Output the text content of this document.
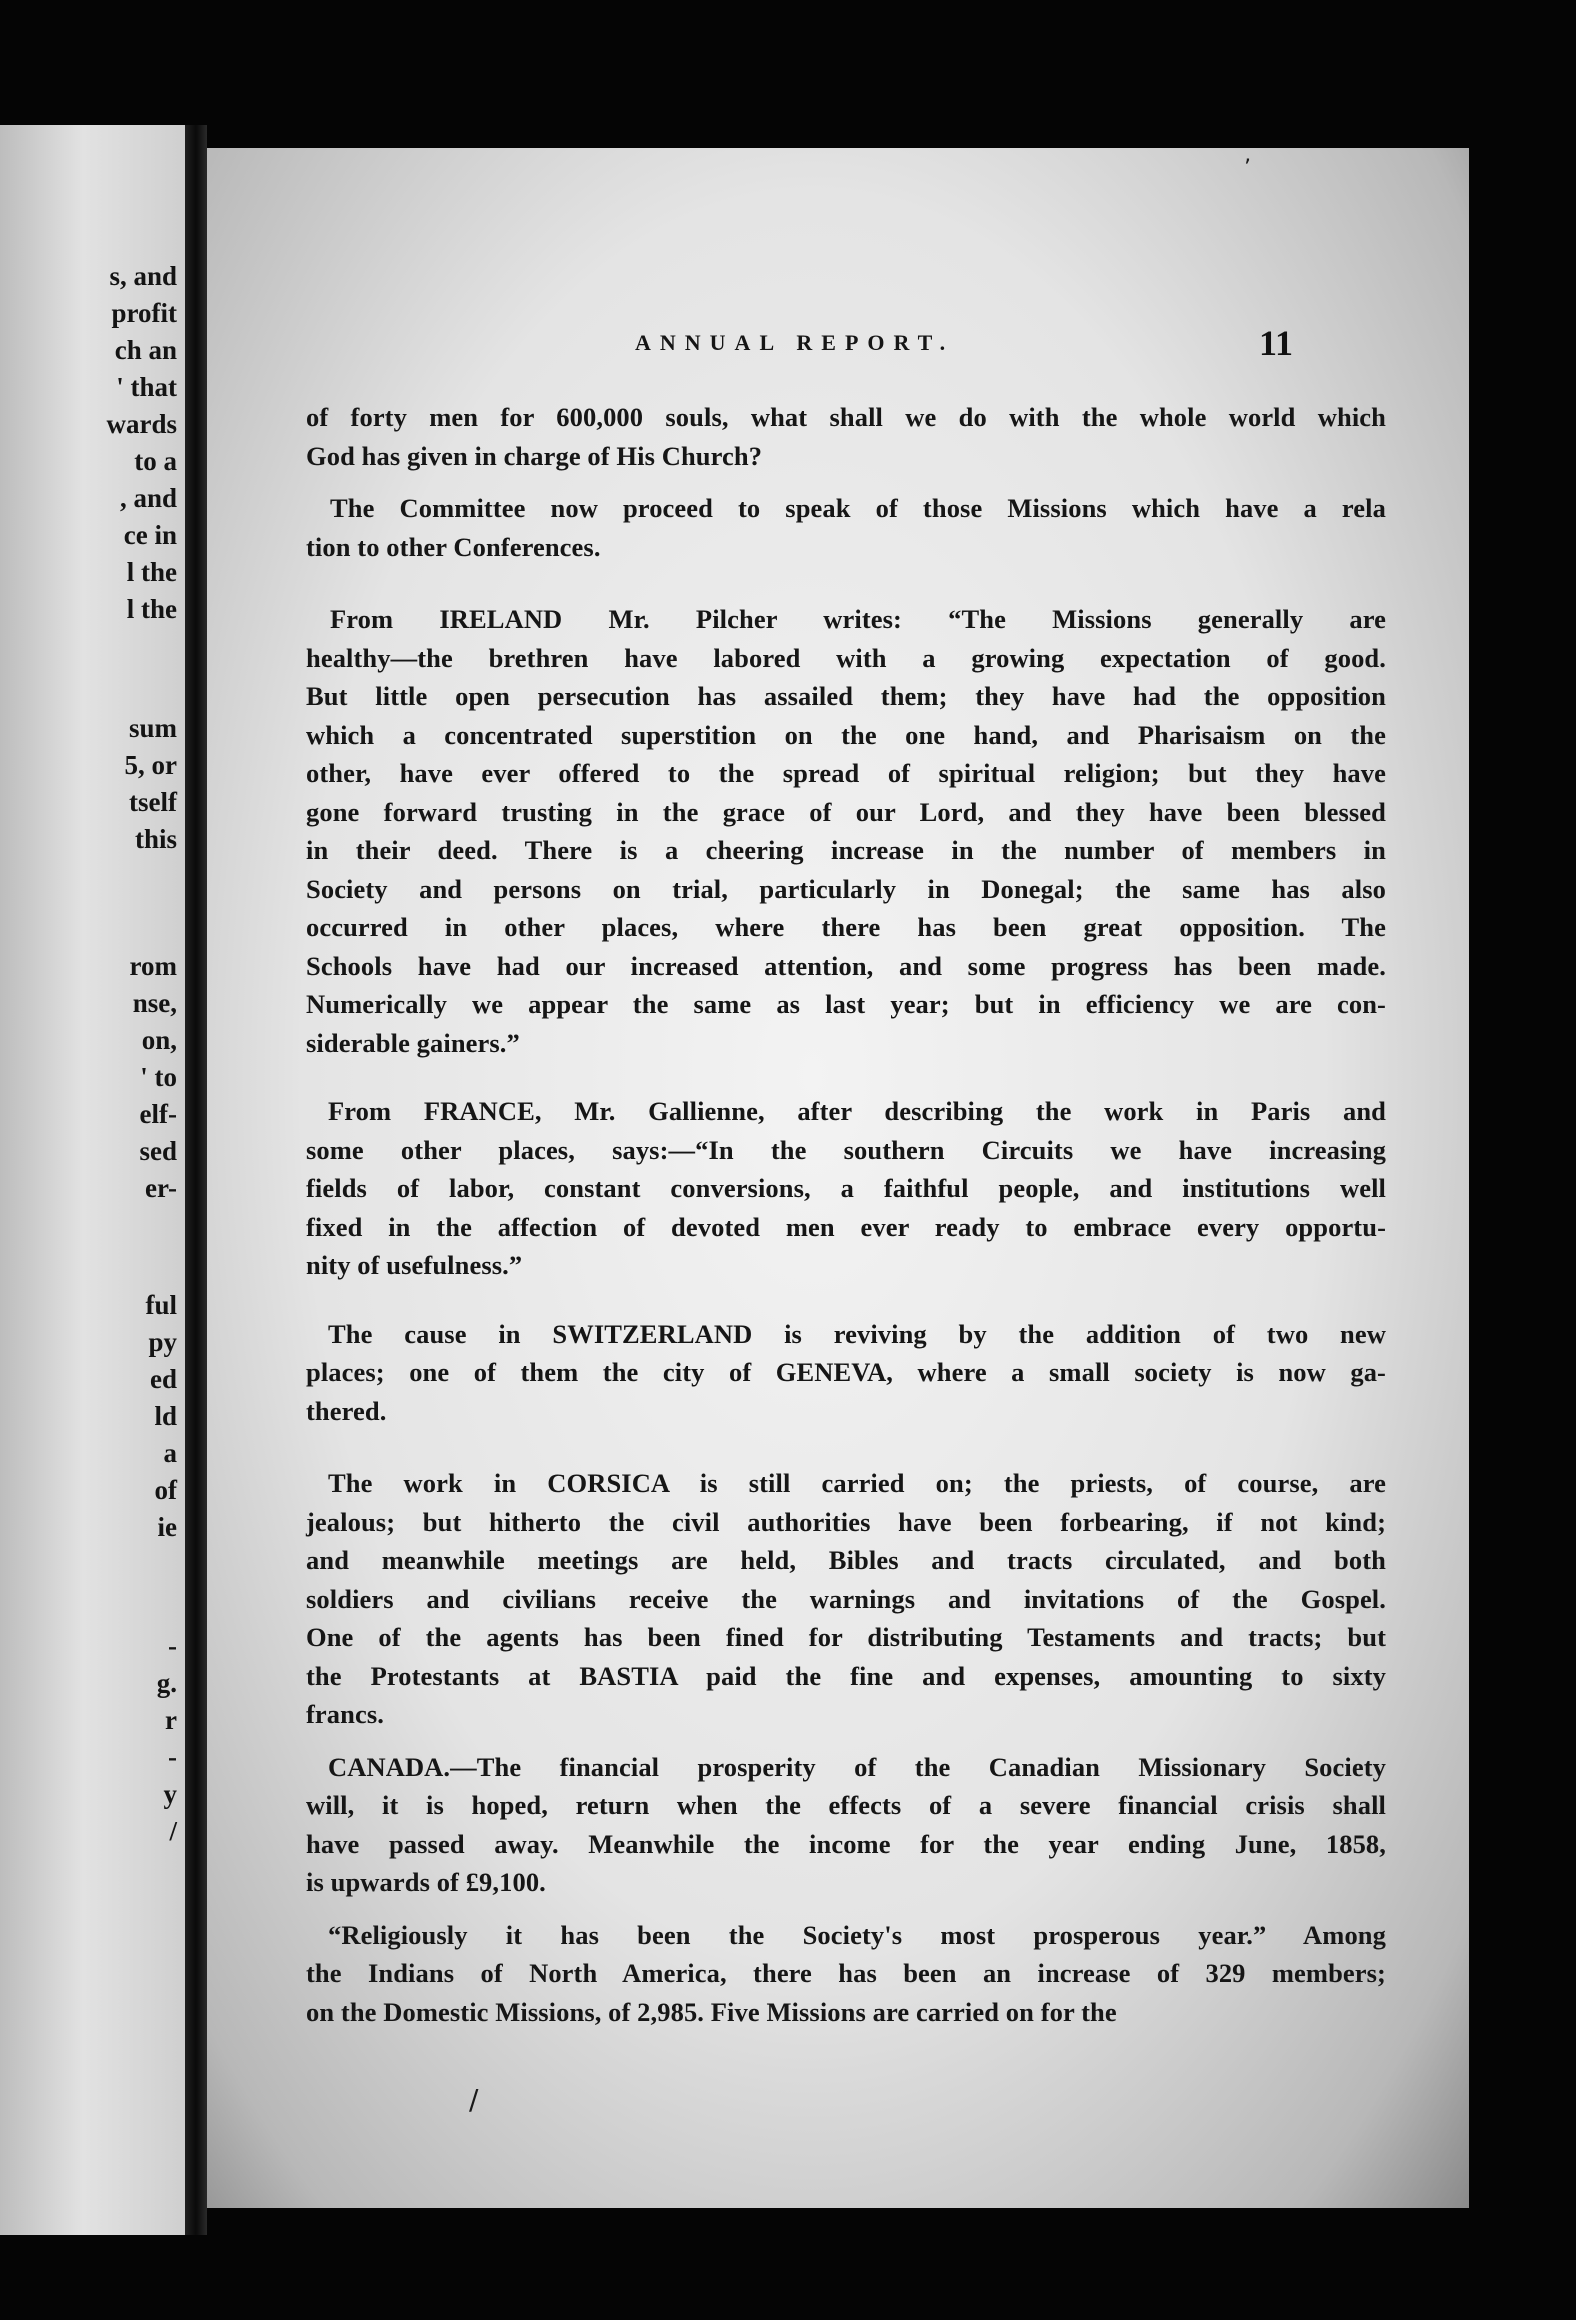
s, and
profit
ch an
' that
wards
to a
, and
ce in
l the
l the
sum
5, or
tself
this
rom
nse,
on,
' to
elf-
sed
er-
ful
py
ed
ld
a
of
ie
-
g.
r
-
y
/
ANNUAL REPORT.	11
of forty men for 600,000 souls, what shall we do with the whole world which
God has given in charge of His Church?
The Committee now proceed to speak of those Missions which have a rela
tion to other Conferences.
From IRELAND Mr. Pilcher writes: “The Missions generally are
healthy—the brethren have labored with a growing expectation of good.
But little open persecution has assailed them; they have had the opposition
which a concentrated superstition on the one hand, and Pharisaism on the
other, have ever offered to the spread of spiritual religion; but they have
gone forward trusting in the grace of our Lord, and they have been blessed
in their deed. There is a cheering increase in the number of members in
Society and persons on trial, particularly in Donegal; the same has also
occurred in other places, where there has been great opposition. The
Schools have had our increased attention, and some progress has been made.
Numerically we appear the same as last year; but in efficiency we are con-
siderable gainers.”
From FRANCE, Mr. Gallienne, after describing the work in Paris and
some other places, says:—“In the southern Circuits we have increasing
fields of labor, constant conversions, a faithful people, and institutions well
fixed in the affection of devoted men ever ready to embrace every opportu-
nity of usefulness.”
The cause in SWITZERLAND is reviving by the addition of two new
places; one of them the city of GENEVA, where a small society is now ga-
thered.
The work in CORSICA is still carried on; the priests, of course, are
jealous; but hitherto the civil authorities have been forbearing, if not kind;
and meanwhile meetings are held, Bibles and tracts circulated, and both
soldiers and civilians receive the warnings and invitations of the Gospel.
One of the agents has been fined for distributing Testaments and tracts; but
the Protestants at BASTIA paid the fine and expenses, amounting to sixty
francs.
CANADA.—The financial prosperity of the Canadian Missionary Society
will, it is hoped, return when the effects of a severe financial crisis shall
have passed away. Meanwhile the income for the year ending June, 1858,
is upwards of £9,100.
“Religiously it has been the Society's most prosperous year.” Among
the Indians of North America, there has been an increase of 329 members;
on the Domestic Missions, of 2,985. Five Missions are carried on for the
/
’
